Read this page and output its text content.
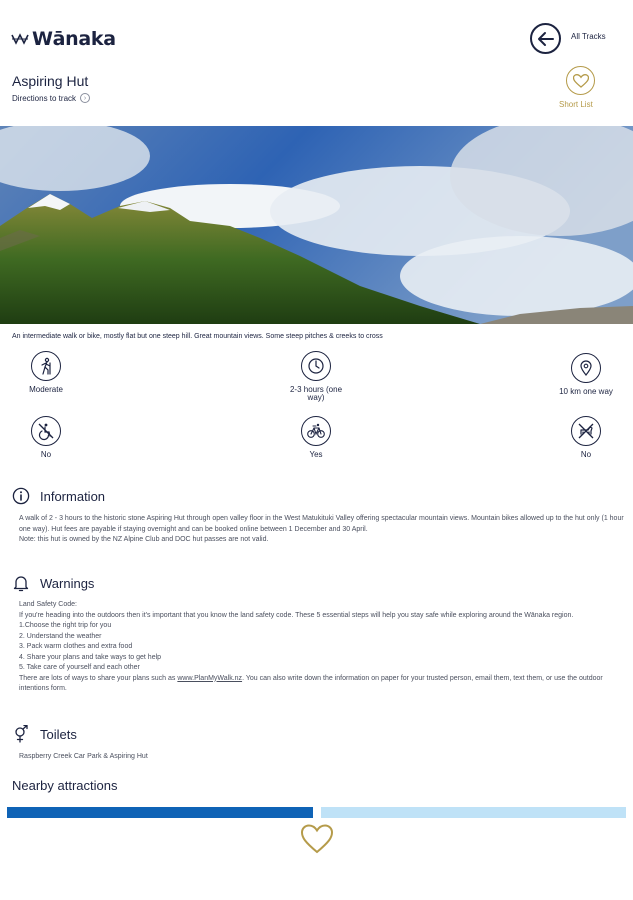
Wānaka	All Tracks
Aspiring Hut
Directions to track	›
Short List
An intermediate walk or bike, mostly flat but one steep hill. Great mountain views. Some steep pitches & creeks to cross
Moderate	2-3 hours (one way)
10 km one way
No	Yes	No
Information

A walk of 2 - 3 hours to the historic stone Aspiring Hut through open valley floor in the West Matukituki Valley offering spectacular mountain views. Mountain bikes allowed up to the hut only (1 hour one way). Hut fees are payable if staying overnight and can be booked online between 1 December and 30 April.

Note: this hut is owned by the NZ Alpine Club and DOC hut passes are not valid.

Warnings

Land Safety Code:

If you're heading into the outdoors then it's important that you know the land safety code. These 5 essential steps will help you stay safe while exploring around the Wānaka region.

1.Choose the right trip for you

2. Understand the weather

3. Pack warm clothes and extra food

4. Share your plans and take ways to get help

5. Take care of yourself and each other

There are lots of ways to share your plans such as www.PlanMyWalk.nz. You can also write down the information on paper for your trusted person, email them, text them, or use the outdoor intentions form.

Toilets
Raspberry Creek Car Park & Aspiring Hut
Nearby attractions
